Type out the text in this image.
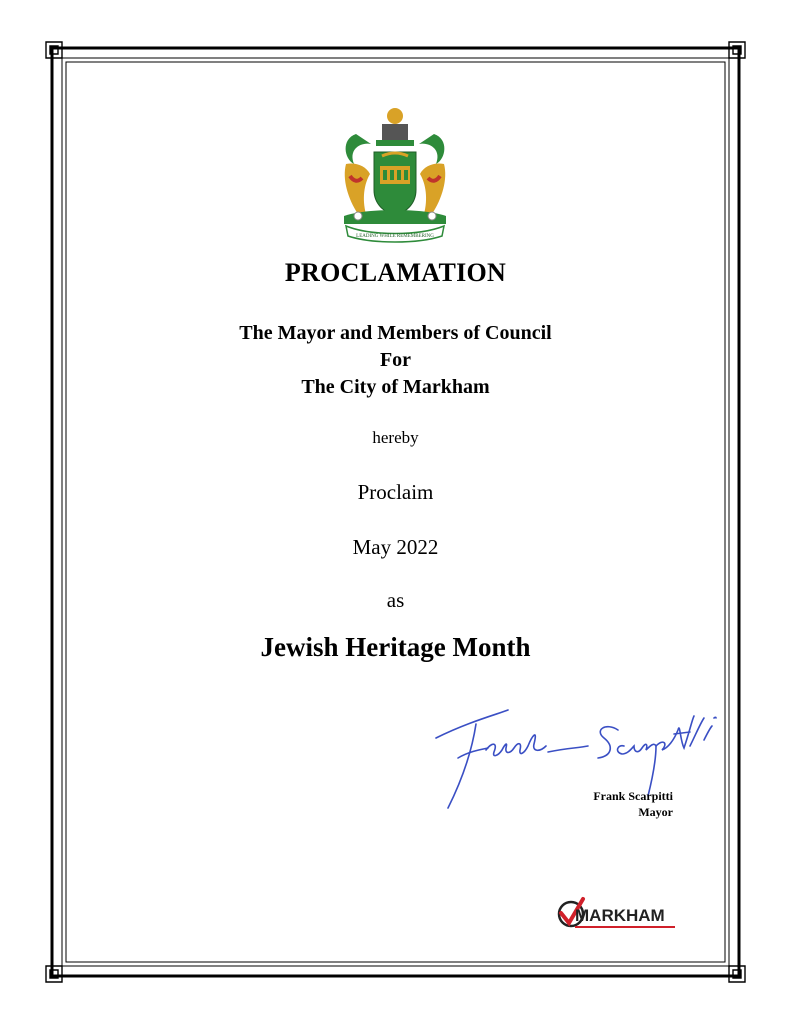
LEADING WHILE REMEMBERING
PROCLAMATION
The Mayor and Members of Council
For
The City of Markham
hereby
Proclaim
May 2022
as
Jewish Heritage Month
Frank Scarpitti
Mayor
MARKHAM
